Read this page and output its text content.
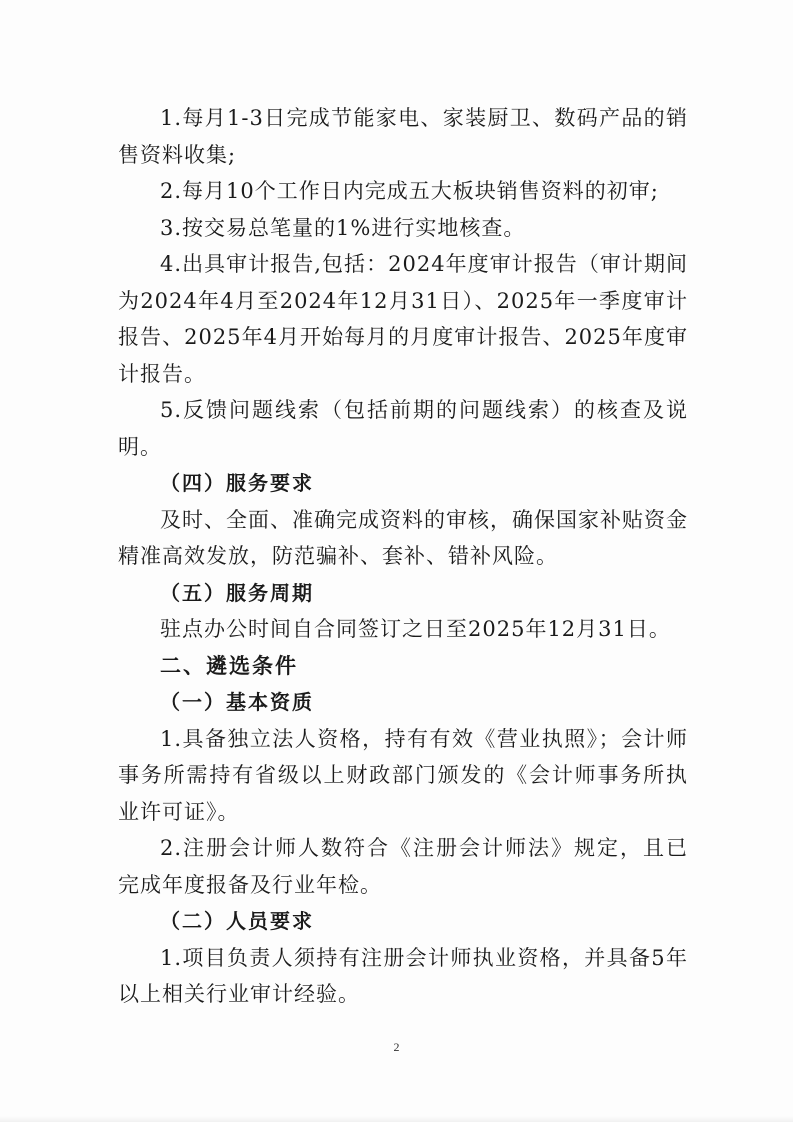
1.每月1-3日完成节能家电、家装厨卫、数码产品的销售资料收集;

2.每月10个工作日内完成五大板块销售资料的初审;

3.按交易总笔量的1%进行实地核查。

4.出具审计报告,包括：2024年度审计报告（审计期间为2024年4月至2024年12月31日）、2025年一季度审计报告、2025年4月开始每月的月度审计报告、2025年度审计报告。

5.反馈问题线索（包括前期的问题线索）的核查及说明。

（四）服务要求

及时、全面、准确完成资料的审核，确保国家补贴资金精准高效发放，防范骗补、套补、错补风险。

（五）服务周期

驻点办公时间自合同签订之日至2025年12月31日。

二、遴选条件

（一）基本资质

1.具备独立法人资格，持有有效《营业执照》；会计师事务所需持有省级以上财政部门颁发的《会计师事务所执业许可证》。

2.注册会计师人数符合《注册会计师法》规定，且已完成年度报备及行业年检。

（二）人员要求

1.项目负责人须持有注册会计师执业资格，并具备5年以上相关行业审计经验。

2
